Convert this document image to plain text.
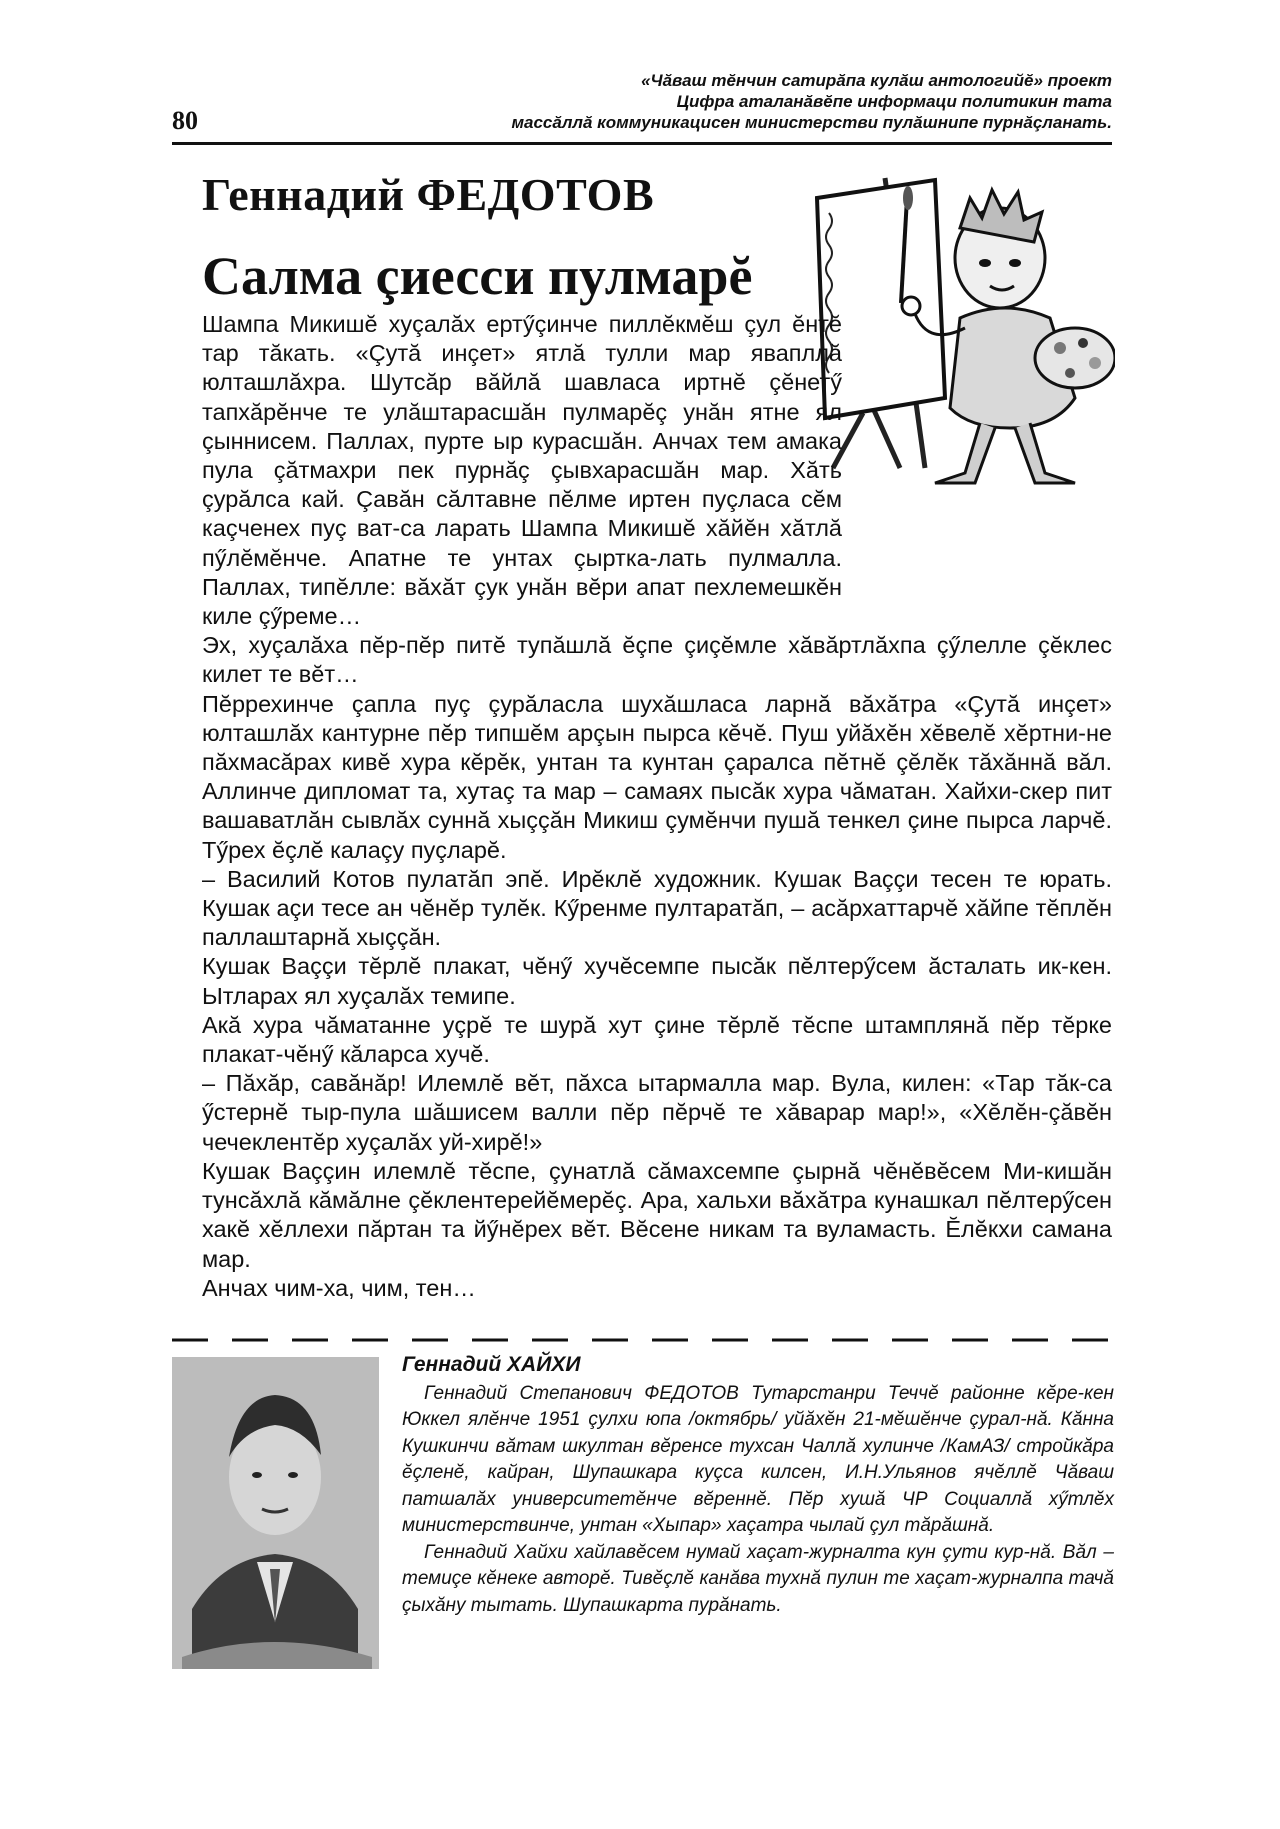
80
«Чăваш тĕнчин сатирăпа кулăш антологийĕ» проект
Цифра аталанăвĕпе информаци политикин тата
массăллă коммуникацисен министерстви пулăшнипе пурнăçланать.
Геннадий ФЕДОТОВ
Салма çиесси пулмарĕ

Шампа Микишĕ хуçалăх ертӳçинче пиллĕкмĕш çул ĕнтĕ тар тăкать. «Çутă инçет» ятлă тулли мар явапллă юлташлăхра. Шутсăр вăйлă шавласа иртнĕ çĕнетӳ тапхăрĕнче те улăштарасшăн пулмарĕç унăн ятне ял çыннисем. Паллах, пурте ыр курасшăн. Анчах тем амака пула çăтмахри пек пурнăç çывхарасшăн мар. Хăть çурăлса кай. Çавăн сăлтавне пĕлме иртен пуçласа сĕм каçченех пуç ват-са ларать Шампа Микишĕ хăйĕн хăтлă пӳлĕмĕнче. Апатне те унтах çыртка-лать пулмалла. Паллах, типĕлле: вăхăт çук унăн вĕри апат пехлемешкĕн киле çӳреме…

Эх, хуçалăха пĕр-пĕр питĕ тупăшлă ĕçпе çиçĕмле хăвăртлăхпа çӳлелле çĕклес килет те вĕт…

Пĕррехинче çапла пуç çурăласла шухăшласа ларнă вăхăтра «Çутă инçет» юлташлăх кантурне пĕр типшĕм арçын пырса кĕчĕ. Пуш уйăхĕн хĕвелĕ хĕртни-не пăхмасăрах кивĕ хура кĕрĕк, унтан та кунтан çаралса пĕтнĕ çĕлĕк тăхăннă вăл. Аллинче дипломат та, хутаç та мар – самаях пысăк хура чăматан. Хайхи-скер пит вашаватлăн сывлăх суннă хыççăн Микиш çумĕнчи пушă тенкел çине пырса ларчĕ. Тӳрех ĕçлĕ калаçу пуçларĕ.

– Василий Котов пулатăп эпĕ. Ирĕклĕ художник. Кушак Ваççи тесен те юрать. Кушак аçи тесе ан чĕнĕр тулĕк. Кӳренме пултаратăп, – асăрхаттарчĕ хăйпе тĕплĕн паллаштарнă хыççăн.

Кушак Ваççи тĕрлĕ плакат, чĕнӳ хучĕсемпе пысăк пĕлтерӳсем ăсталать ик-кен. Ытларах ял хуçалăх темипе.

Акă хура чăматанне уçрĕ те шурă хут çине тĕрлĕ тĕспе штамплянă пĕр тĕрке плакат-чĕнӳ кăларса хучĕ.

– Пăхăр, савăнăр! Илемлĕ вĕт, пăхса ытармалла мар. Вула, килен: «Тар тăк-са ӳстернĕ тыр-пула шăшисем валли пĕр пĕрчĕ те хăварар мар!», «Хĕлĕн-çăвĕн чечеклентĕр хуçалăх уй-хирĕ!»

Кушак Ваççин илемлĕ тĕспе, çунатлă сăмахсемпе çырнă чĕнĕвĕсем Ми-кишăн тунсăхлă кăмăлне çĕклентерейĕмерĕç. Ара, хальхи вăхăтра кунашкал пĕлтерӳсен хакĕ хĕллехи пăртан та йӳнĕрех вĕт. Вĕсене никам та вуламасть. Ĕлĕкхи самана мар.

Анчах чим-ха, чим, тен…

Геннадий ХАЙХИ

Геннадий Степанович ФЕДОТОВ Тутарстанри Теччĕ районне кĕре-кен Юккел ялĕнче 1951 çулхи юпа /октябрь/ уйăхĕн 21-мĕшĕнче çурал-нă. Кăнна Кушкинчи вăтам шкултан вĕренсе тухсан Чаллă хулинче /КамАЗ/ стройкăра ĕçленĕ, кайран, Шупашкара куçса килсен, И.Н.Ульянов ячĕллĕ Чăваш патшалăх университетĕнче вĕреннĕ. Пĕр хушă ЧР Социаллă хӳтлĕх министерствинче, унтан «Хыпар» хаçатра чылай çул тăрăшнă.

Геннадий Хайхи хайлавĕсем нумай хаçат-журналта кун çути кур-нă. Вăл – темиçе кĕнеке авторĕ. Тивĕçлĕ канăва тухнă пулин те хаçат-журналпа тачă çыхăну тытать. Шупашкарта пурăнать.
